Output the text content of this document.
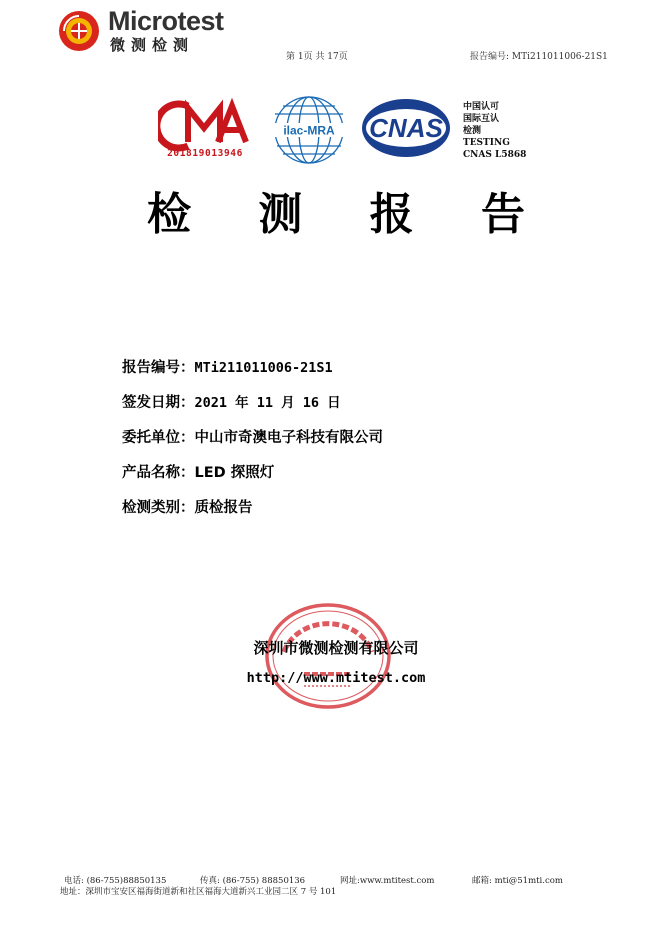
Microtest
微测检测
第 1页 共 17页	报告编号: MTi211011006-21S1
201819013946
ilac-MRA CNAS
中国认可
国际互认
检测
TESTING
CNAS L5868
检 测 报 告
报告编号：MTi211011006-21S1
签发日期：2021 年 11 月 16 日
委托单位：中山市奇澳电子科技有限公司
产品名称：LED 探照灯
检测类别：质检报告
深圳市微测检测有限公司
http://www.mtitest.com
电话: (86-755)88850135	传真: (86-755) 88850136	网址:www.mtitest.com	邮箱: mti@51mti.com
地址：深圳市宝安区福海街道新和社区福海大道新兴工业园二区 7 号 101
